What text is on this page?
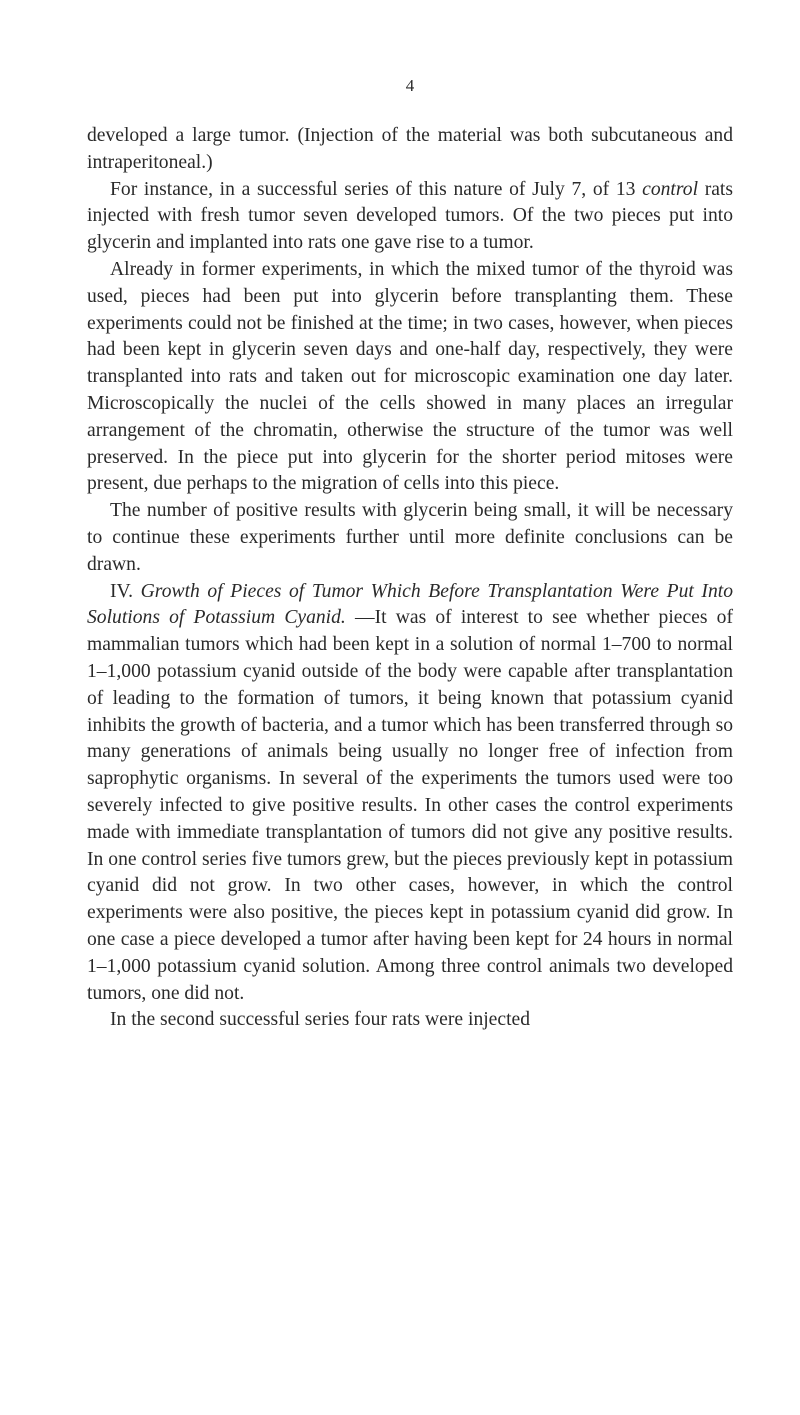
4

developed a large tumor. (Injection of the material was both subcutaneous and intraperitoneal.)

For instance, in a successful series of this nature of July 7, of 13 control rats injected with fresh tumor seven developed tumors. Of the two pieces put into glycerin and implanted into rats one gave rise to a tumor.

Already in former experiments, in which the mixed tumor of the thyroid was used, pieces had been put into glycerin before transplanting them. These experiments could not be finished at the time; in two cases, however, when pieces had been kept in glycerin seven days and one-half day, respectively, they were transplanted into rats and taken out for microscopic examination one day later. Microscopically the nuclei of the cells showed in many places an irregular arrangement of the chromatin, otherwise the structure of the tumor was well preserved. In the piece put into glycerin for the shorter period mitoses were present, due perhaps to the migration of cells into this piece.

The number of positive results with glycerin being small, it will be necessary to continue these experiments further until more definite conclusions can be drawn.

IV. Growth of Pieces of Tumor Which Before Transplantation Were Put Into Solutions of Potassium Cyanid. —It was of interest to see whether pieces of mammalian tumors which had been kept in a solution of normal 1–700 to normal 1–1,000 potassium cyanid outside of the body were capable after transplantation of leading to the formation of tumors, it being known that potassium cyanid inhibits the growth of bacteria, and a tumor which has been transferred through so many generations of animals being usually no longer free of infection from saprophytic organisms. In several of the experiments the tumors used were too severely infected to give positive results. In other cases the control experiments made with immediate transplantation of tumors did not give any positive results. In one control series five tumors grew, but the pieces previously kept in potassium cyanid did not grow. In two other cases, however, in which the control experiments were also positive, the pieces kept in potassium cyanid did grow. In one case a piece developed a tumor after having been kept for 24 hours in normal 1–1,000 potassium cyanid solution. Among three control animals two developed tumors, one did not.

In the second successful series four rats were injected
